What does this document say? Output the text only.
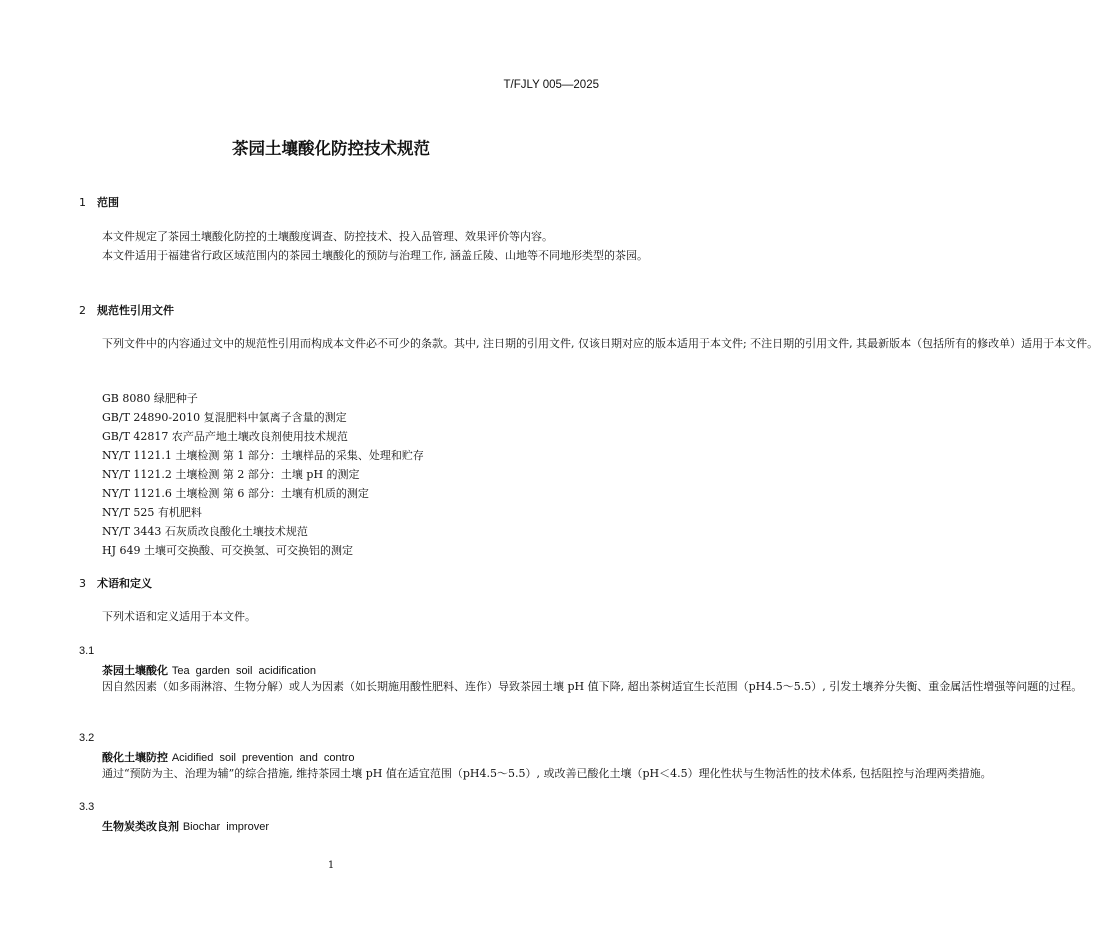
T/FJLY 005—2025
茶园土壤酸化防控技术规范
1 范围

本文件规定了茶园土壤酸化防控的土壤酸度调查、防控技术、投入品管理、效果评价等内容。

本文件适用于福建省行政区域范围内的茶园土壤酸化的预防与治理工作, 涵盖丘陵、山地等不同地形类型的茶园。

2 规范性引用文件

下列文件中的内容通过文中的规范性引用而构成本文件必不可少的条款。其中, 注日期的引用文件, 仅该日期对应的版本适用于本文件; 不注日期的引用文件, 其最新版本（包括所有的修改单）适用于本文件。

GB 8080 绿肥种子
GB/T 24890-2010 复混肥料中氯离子含量的测定
GB/T 42817 农产品产地土壤改良剂使用技术规范
NY/T 1121.1 土壤检测 第 1 部分：土壤样品的采集、处理和贮存
NY/T 1121.2 土壤检测 第 2 部分：土壤 pH 的测定
NY/T 1121.6 土壤检测 第 6 部分：土壤有机质的测定
NY/T 525 有机肥料
NY/T 3443 石灰质改良酸化土壤技术规范
HJ 649 土壤可交换酸、可交换氢、可交换铝的测定
3 术语和定义

下列术语和定义适用于本文件。

3.1
茶园土壤酸化 Tea garden soil acidification

因自然因素（如多雨淋溶、生物分解）或人为因素（如长期施用酸性肥料、连作）导致茶园土壤 pH 值下降, 超出茶树适宜生长范围（pH4.5～5.5）, 引发土壤养分失衡、重金属活性增强等问题的过程。

3.2
酸化土壤防控 Acidified soil prevention and contro

通过“预防为主、治理为辅”的综合措施, 维持茶园土壤 pH 值在适宜范围（pH4.5～5.5）, 或改善已酸化土壤（pH＜4.5）理化性状与生物活性的技术体系, 包括阻控与治理两类措施。

3.3
生物炭类改良剂 Biochar improver
1
